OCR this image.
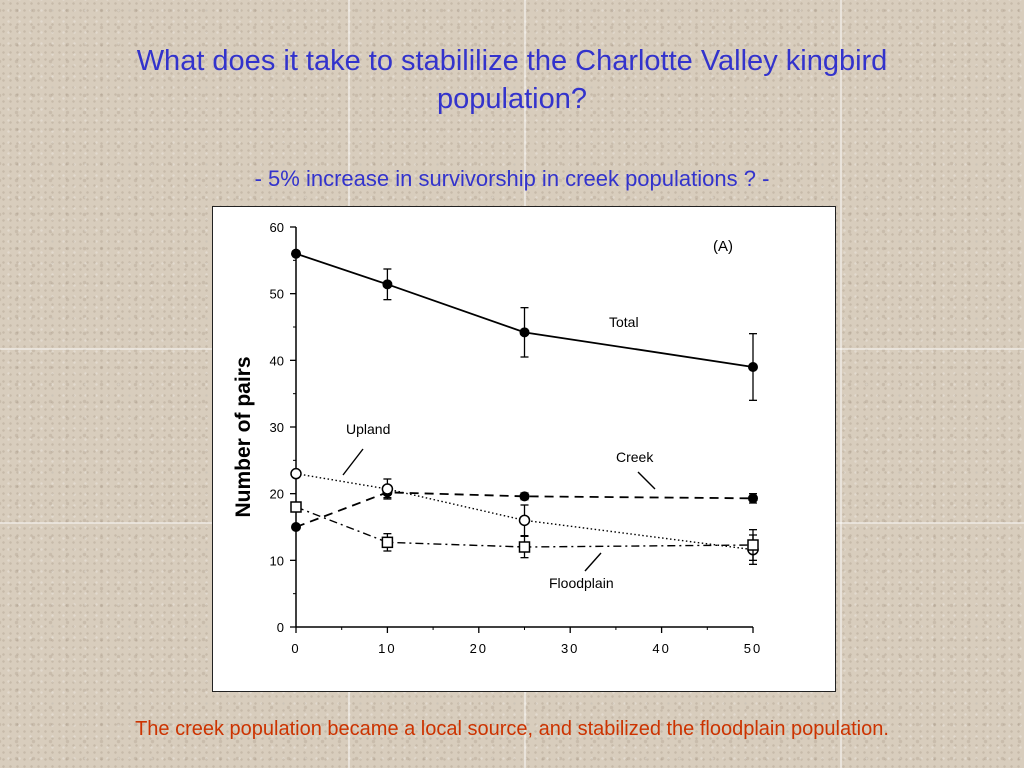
What does it take to stabililize the Charlotte Valley kingbird population?
- 5% increase in survivorship in creek populations ? -
0
10
20
30
40
50
60
0	10	20	30	40	50
(A)
Total
Creek
Upland
Floodplain
Number of pairs
The creek population became a local source, and stabilized the floodplain population.
